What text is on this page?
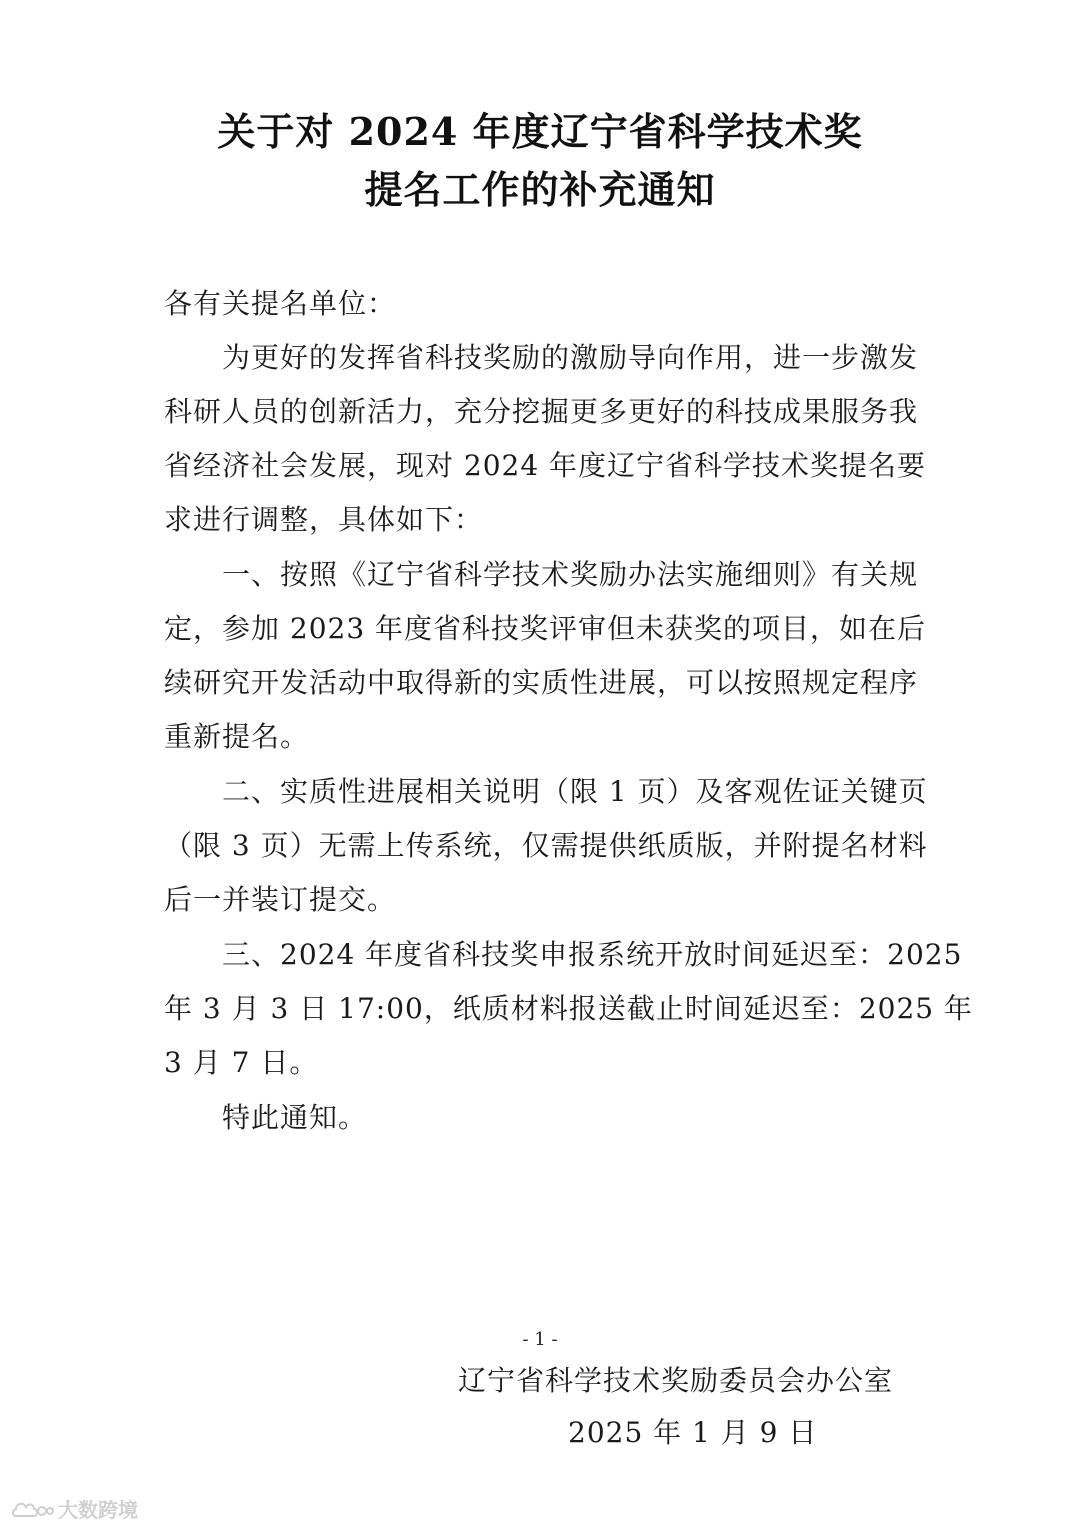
关于对 2024 年度辽宁省科学技术奖
提名工作的补充通知
各有关提名单位：
为更好的发挥省科技奖励的激励导向作用，进一步激发
科研人员的创新活力，充分挖掘更多更好的科技成果服务我
省经济社会发展，现对 2024 年度辽宁省科学技术奖提名要
求进行调整，具体如下：
一、按照《辽宁省科学技术奖励办法实施细则》有关规
定，参加 2023 年度省科技奖评审但未获奖的项目，如在后
续研究开发活动中取得新的实质性进展，可以按照规定程序
重新提名。
二、实质性进展相关说明（限 1 页）及客观佐证关键页
（限 3 页）无需上传系统，仅需提供纸质版，并附提名材料
后一并装订提交。
三、2024 年度省科技奖申报系统开放时间延迟至：2025
年 3 月 3 日 17:00，纸质材料报送截止时间延迟至：2025 年
3 月 7 日。
特此通知。
- 1 -
辽宁省科学技术奖励委员会办公室
2025 年 1 月 9 日
大数跨境
